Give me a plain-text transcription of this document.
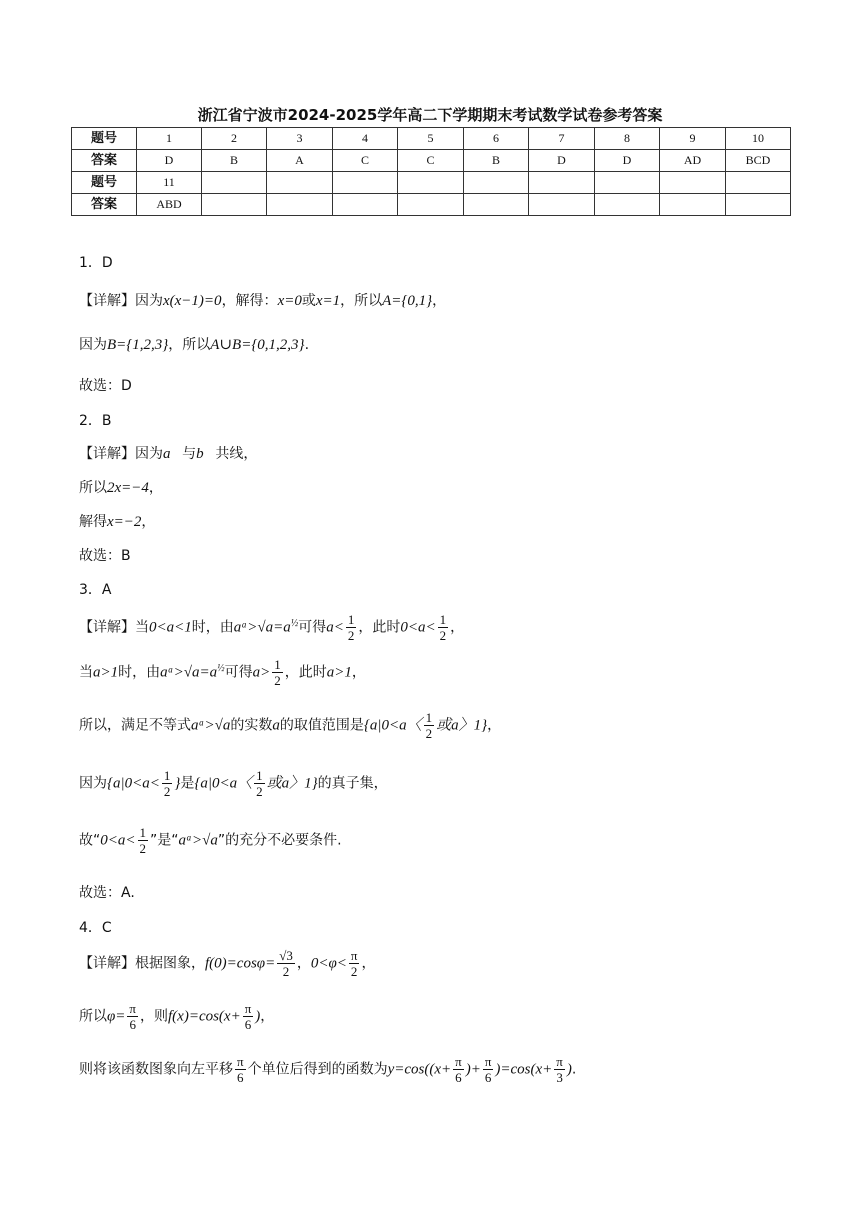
浙江省宁波市2024-2025学年高二下学期期末考试数学试卷参考答案
题号	1	2	3	4	5	6	7	8	9	10
答案	D	B	A	C	C	B	D	D	AD	BCD
题号	11									
答案	ABD									
1．D
【详解】因为x(x−1)=0，解得：x=0或x=1，所以A={0,1}，
因为B={1,2,3}，所以A∪B={0,1,2,3}.
故选：D
2．B
【详解】因为a⃗与b⃗共线，
所以2x=−4，
解得x=−2，
故选：B
3．A
【详解】当0<a<1时，由$aᵃ>√a=a^{\frac{1}{2}}$可得$a< \frac{1}{2}$ ，此时$0<a< \frac{1}{2}$ ，
当a>1时，由$aᵃ>√a=a^{\frac{1}{2}}$可得$a> \frac{1}{2}$ ，此时a>1，
所以，满足不等式aᵃ>√a的实数a的取值范围是{a|0<a〈 $\frac{1}{2}$ 或a〉1}，
因为{$a|0<a< \frac{1}{2}$ }是{a|0<a〈 $\frac{1}{2}$ 或a〉1}的真子集，
故“$0<a< \frac{1}{2}$ ”是“aᵃ>√a”的充分不必要条件.
故选：A.
4．C
【详解】根据图象，$f(0)=\cos\varphi= \frac{√3}{2}$ ，$0<\varphi< \frac{\pi}{2}$ ，
所以$\varphi= \frac{\pi}{6}$ ，则$f(x)=\cos(x+ \frac{\pi}{6}$ )，
则将该函数图象向左平移 $\frac{\pi}{6}$ 个单位后得到的函数为$y=\cos((x+ \frac{\pi}{6}$ )+ $\frac{\pi}{6} )=\cos(x+ \frac{\pi}{3}$ ).
